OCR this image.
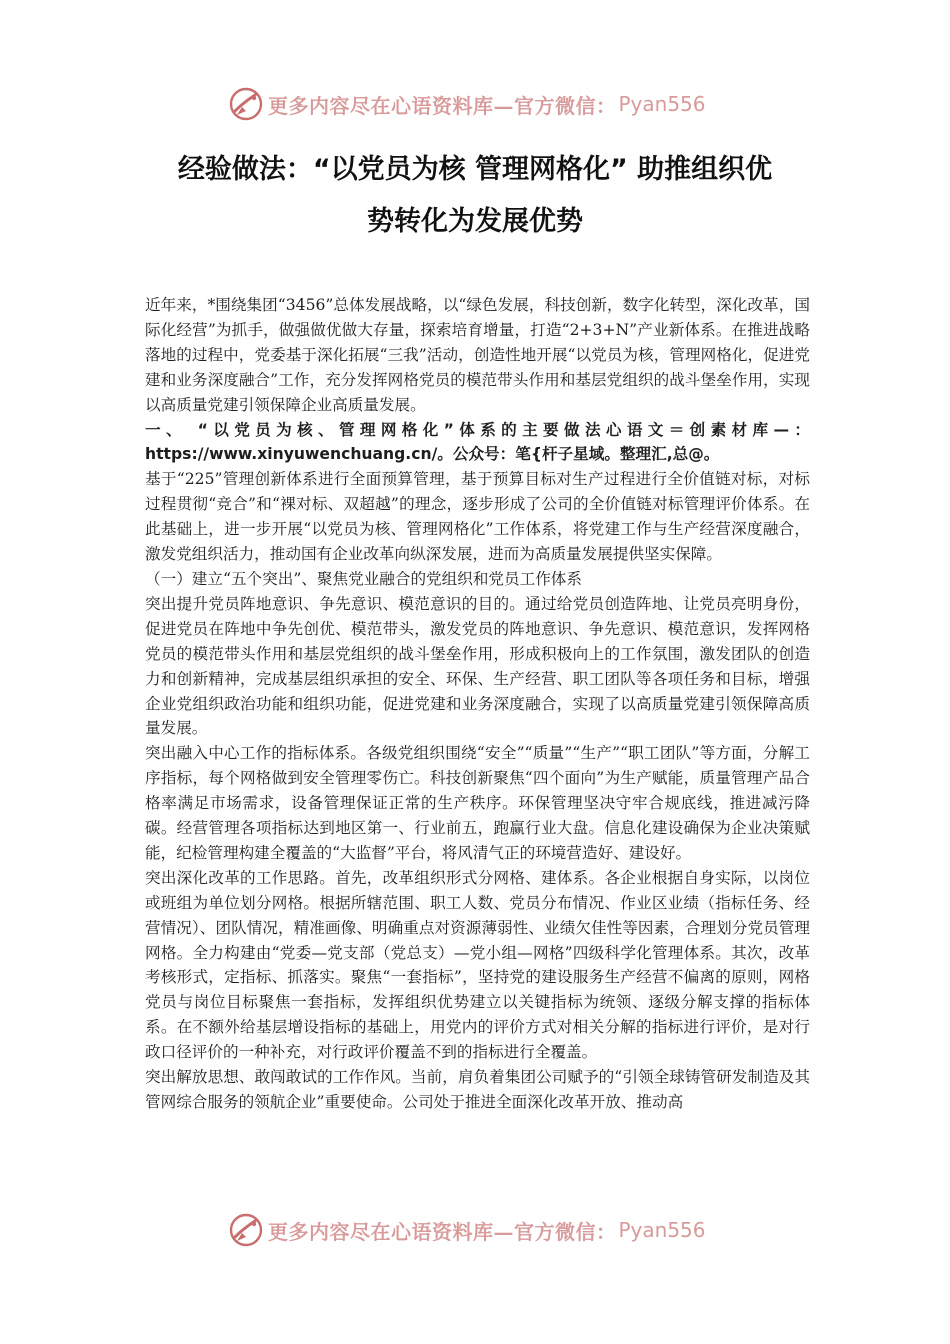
更多内容尽在心语资料库—官方微信： Pyan556
经验做法：“以党员为核 管理网格化” 助推组织优
势转化为发展优势

近年来，*围绕集团“3456”总体发展战略，以“绿色发展，科技创新，数字化转型，深化改革，国际化经营”为抓手，做强做优做大存量，探索培育增量，打造“2+3+N”产业新体系。在推进战略落地的过程中，党委基于深化拓展“三我”活动，创造性地开展“以党员为核，管理网格化，促进党建和业务深度融合”工作，充分发挥网格党员的模范带头作用和基层党组织的战斗堡垒作用，实现以高质量党建引领保障企业高质量发展。

一、 “以党员为核、管理网格化”体系的主要做法心语文＝创素材库—： https://www.xinyuwenchuang.cn/。公众号：笔{杆子星域。整理汇,总@。

基于“225”管理创新体系进行全面预算管理，基于预算目标对生产过程进行全价值链对标，对标过程贯彻“竞合”和“裸对标、双超越”的理念，逐步形成了公司的全价值链对标管理评价体系。在此基础上，进一步开展“以党员为核、管理网格化”工作体系，将党建工作与生产经营深度融合，激发党组织活力，推动国有企业改革向纵深发展，进而为高质量发展提供坚实保障。

（一）建立“五个突出”、聚焦党业融合的党组织和党员工作体系

突出提升党员阵地意识、争先意识、模范意识的目的。通过给党员创造阵地、让党员亮明身份，促进党员在阵地中争先创优、模范带头，激发党员的阵地意识、争先意识、模范意识，发挥网格党员的模范带头作用和基层党组织的战斗堡垒作用，形成积极向上的工作氛围，激发团队的创造力和创新精神，完成基层组织承担的安全、环保、生产经营、职工团队等各项任务和目标，增强企业党组织政治功能和组织功能，促进党建和业务深度融合，实现了以高质量党建引领保障高质量发展。

突出融入中心工作的指标体系。各级党组织围绕“安全”“质量”“生产”“职工团队”等方面，分解工序指标，每个网格做到安全管理零伤亡。科技创新聚焦“四个面向”为生产赋能，质量管理产品合格率满足市场需求，设备管理保证正常的生产秩序。环保管理坚决守牢合规底线，推进减污降碳。经营管理各项指标达到地区第一、行业前五，跑赢行业大盘。信息化建设确保为企业决策赋能，纪检管理构建全覆盖的“大监督”平台，将风清气正的环境营造好、建设好。

突出深化改革的工作思路。首先，改革组织形式分网格、建体系。各企业根据自身实际，以岗位或班组为单位划分网格。根据所辖范围、职工人数、党员分布情况、作业区业绩（指标任务、经营情况）、团队情况，精准画像、明确重点对资源薄弱性、业绩欠佳性等因素，合理划分党员管理网格。全力构建由“党委—党支部（党总支）—党小组—网格”四级科学化管理体系。其次，改革考核形式，定指标、抓落实。聚焦“一套指标”，坚持党的建设服务生产经营不偏离的原则，网格党员与岗位目标聚焦一套指标，发挥组织优势建立以关键指标为统领、逐级分解支撑的指标体系。在不额外给基层增设指标的基础上，用党内的评价方式对相关分解的指标进行评价，是对行政口径评价的一种补充，对行政评价覆盖不到的指标进行全覆盖。

突出解放思想、敢闯敢试的工作作风。当前，肩负着集团公司赋予的“引领全球铸管研发制造及其管网综合服务的领航企业”重要使命。公司处于推进全面深化改革开放、推动高

更多内容尽在心语资料库—官方微信： Pyan556
